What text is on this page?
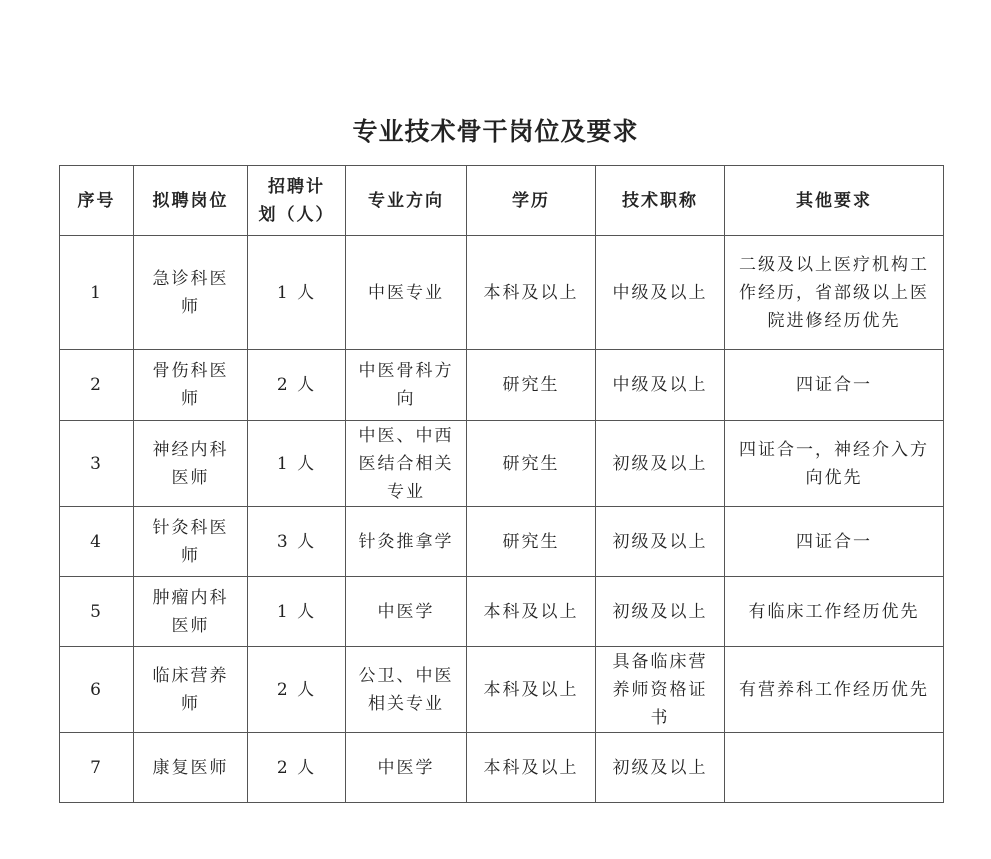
专业技术骨干岗位及要求
序号	拟聘岗位	招聘计
划（人）	专业方向	学历	技术职称	其他要求
1	急诊科医
师	1 人	中医专业	本科及以上	中级及以上	二级及以上医疗机构工
作经历，省部级以上医
院进修经历优先
2	骨伤科医
师	2 人	中医骨科方
向	研究生	中级及以上	四证合一
3	神经内科
医师	1 人	中医、中西
医结合相关
专业	研究生	初级及以上	四证合一，神经介入方
向优先
4	针灸科医
师	3 人	针灸推拿学	研究生	初级及以上	四证合一
5	肿瘤内科
医师	1 人	中医学	本科及以上	初级及以上	有临床工作经历优先
6	临床营养
师	2 人	公卫、中医
相关专业	本科及以上	具备临床营
养师资格证
书	有营养科工作经历优先
7	康复医师	2 人	中医学	本科及以上	初级及以上	
